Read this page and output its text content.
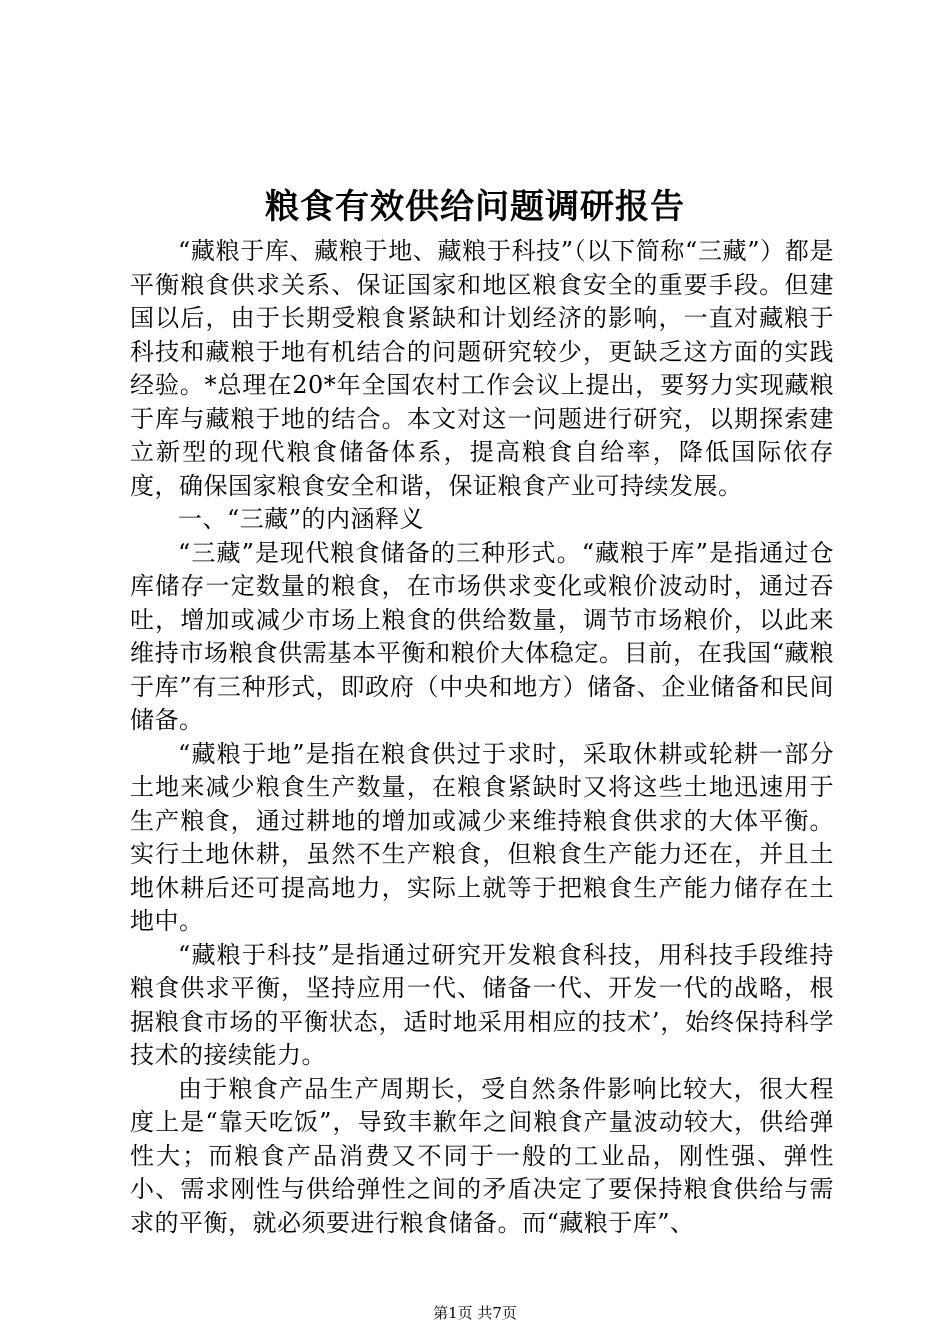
粮食有效供给问题调研报告

“藏粮于库、藏粮于地、藏粮于科技”（以下简称“三藏”）都是平衡粮食供求关系、保证国家和地区粮食安全的重要手段。但建国以后，由于长期受粮食紧缺和计划经济的影响，一直对藏粮于科技和藏粮于地有机结合的问题研究较少，更缺乏这方面的实践经验。*总理在20*年全国农村工作会议上提出，要努力实现藏粮于库与藏粮于地的结合。本文对这一问题进行研究，以期探索建立新型的现代粮食储备体系，提高粮食自给率，降低国际依存度，确保国家粮食安全和谐，保证粮食产业可持续发展。

一、“三藏”的内涵释义

“三藏”是现代粮食储备的三种形式。“藏粮于库”是指通过仓库储存一定数量的粮食，在市场供求变化或粮价波动时，通过吞吐，增加或减少市场上粮食的供给数量，调节市场粮价，以此来维持市场粮食供需基本平衡和粮价大体稳定。目前，在我国“藏粮于库”有三种形式，即政府（中央和地方）储备、企业储备和民间储备。

“藏粮于地”是指在粮食供过于求时，采取休耕或轮耕一部分土地来减少粮食生产数量，在粮食紧缺时又将这些土地迅速用于生产粮食，通过耕地的增加或减少来维持粮食供求的大体平衡。实行土地休耕，虽然不生产粮食，但粮食生产能力还在，并且土地休耕后还可提高地力，实际上就等于把粮食生产能力储存在土地中。

“藏粮于科技”是指通过研究开发粮食科技，用科技手段维持粮食供求平衡，坚持应用一代、储备一代、开发一代的战略，根据粮食市场的平衡状态，适时地采用相应的技术’，始终保持科学技术的接续能力。

由于粮食产品生产周期长，受自然条件影响比较大，很大程度上是“靠天吃饭”，导致丰歉年之间粮食产量波动较大，供给弹性大；而粮食产品消费又不同于一般的工业品，刚性强、弹性小、需求刚性与供给弹性之间的矛盾决定了要保持粮食供给与需求的平衡，就必须要进行粮食储备。而“藏粮于库”、

第1页 共7页
